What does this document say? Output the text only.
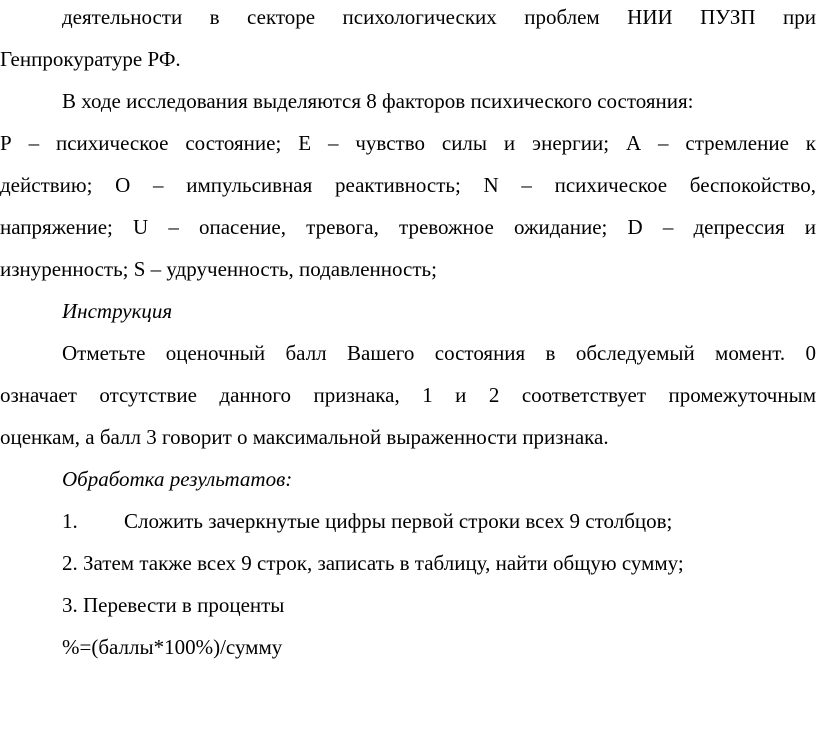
деятельности в секторе психологических проблем НИИ ПУЗП при
Генпрокуратуре РФ.
В ходе исследования выделяются 8 факторов психического состояния:
Р – психическое состояние; Е – чувство силы и энергии; А – стремление к
действию; О – импульсивная реактивность; N – психическое беспокойство,
напряжение; U – опасение, тревога, тревожное ожидание; D – депрессия и
изнуренность; S – удрученность, подавленность;
Инструкция
Отметьте оценочный балл Вашего состояния в обследуемый момент. 0
означает отсутствие данного признака, 1 и 2 соответствует промежуточным
оценкам, а балл 3 говорит о максимальной выраженности признака.
Обработка результатов:
1. Сложить зачеркнутые цифры первой строки всех 9 столбцов;
2. Затем также всех 9 строк, записать в таблицу, найти общую сумму;
3. Перевести в проценты
%=(баллы*100%)/сумму
